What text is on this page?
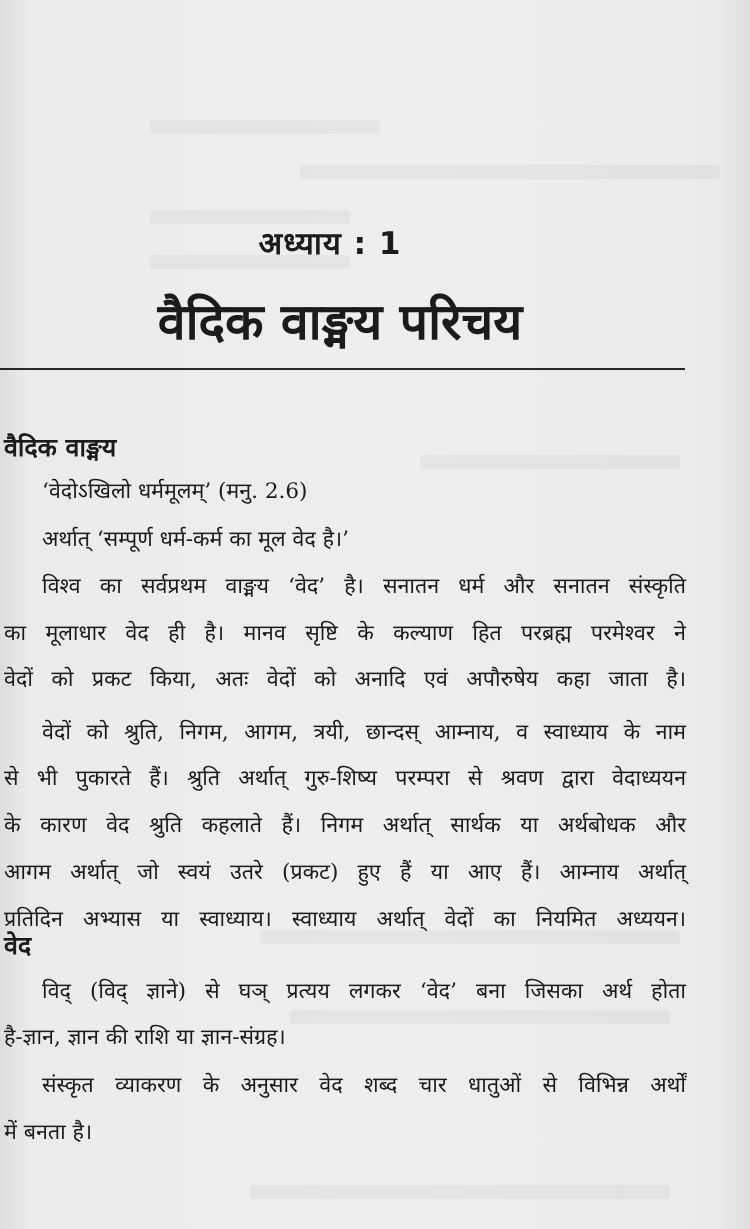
अध्याय : 1
वैदिक वाङ्मय परिचय
वैदिक वाङ्मय
‘वेदोऽखिलो धर्ममूलम्’ (मनु. 2.6)
अर्थात् ‘सम्पूर्ण धर्म-कर्म का मूल वेद है।’
विश्व का सर्वप्रथम वाङ्मय ‘वेद’ है। सनातन धर्म और सनातन संस्कृति
का मूलाधार वेद ही है। मानव सृष्टि के कल्याण हित परब्रह्म परमेश्वर ने
वेदों को प्रकट किया, अतः वेदों को अनादि एवं अपौरुषेय कहा जाता है।
वेदों को श्रुति, निगम, आगम, त्रयी, छान्दस् आम्नाय, व स्वाध्याय के नाम
से भी पुकारते हैं। श्रुति अर्थात् गुरु-शिष्य परम्परा से श्रवण द्वारा वेदाध्ययन
के कारण वेद श्रुति कहलाते हैं। निगम अर्थात् सार्थक या अर्थबोधक और
आगम अर्थात् जो स्वयं उतरे (प्रकट) हुए हैं या आए हैं। आम्नाय अर्थात्
प्रतिदिन अभ्यास या स्वाध्याय। स्वाध्याय अर्थात् वेदों का नियमित अध्ययन।
वेद
विद् (विद् ज्ञाने) से घञ् प्रत्यय लगकर ‘वेद’ बना जिसका अर्थ होता
है-ज्ञान, ज्ञान की राशि या ज्ञान-संग्रह।
संस्कृत व्याकरण के अनुसार वेद शब्द चार धातुओं से विभिन्न अर्थों
में बनता है।
